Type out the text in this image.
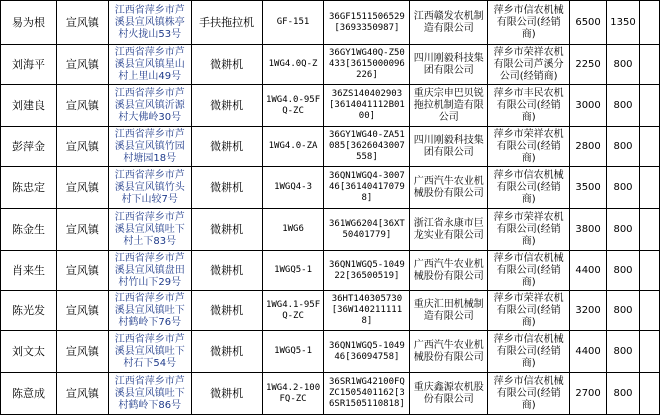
易为根	宣风镇	江西省萍乡市芦溪县宣风镇株亭村火拢山53号	手扶拖拉机	GF-151	36GF1511506529[3693350987]	江西赣发农机制造有限公司	萍乡市信农机械有限公司(经销商)	6500	1350	
刘海平	宣风镇	江西省萍乡市芦溪县宣风镇星山村上里山49号	微耕机	1WG4.0Q-Z	36GY1WG40Q-Z50433[3615000096226]	四川刚毅科技集团有限公司	萍乡市荣祥农机有限公司芦溪分公司(经销商)	2250	800	
刘建良	宣风镇	江西省萍乡市芦溪县宣风镇沂源村大佛岭30号	微耕机	1WG4.0-95FQ-ZC	36ZS140402903[3614041112B0100]	重庆宗申巴贝锐拖拉机制造有限公司	萍乡市丰民农机有限公司(经销商)	3000	800	
彭萍金	宣风镇	江西省萍乡市芦溪县宣风镇竹园村塘园18号	微耕机	1WG4.0-ZA	36GY1WG40-ZA51085[3626043007558]	四川刚毅科技集团有限公司	萍乡市荣祥农机有限公司(经销商)	2800	800	
陈忠定	宣风镇	江西省萍乡市芦溪县宣风镇竹头村下山较7号	微耕机	1WGQ4-3	36QN1WGQ4-300746[361404170798]	广西汽牛农业机械股份有限公司	萍乡市信农机械有限公司(经销商)	3500	800	
陈金生	宣风镇	江西省萍乡市芦溪县宣风镇吐下村土下83号	微耕机	1WG6	361WG6204[36XT50401779]	浙江省永康市巨龙实业有限公司	萍乡市荣祥农机有限公司(经销商)	3800	800	
肖来生	宣风镇	江西省萍乡市芦溪县宣风镇盘田村竹山下29号	微耕机	1WGQ5-1	36QN1WGQ5-104922[36500519]	广西汽牛农业机械股份有限公司	萍乡市信农机械有限公司(经销商)	4400	800	
陈光发	宣风镇	江西省萍乡市芦溪县宣风镇吐下村鹤岭下76号	微耕机	1WG4.1-95FQ-ZC	36HT140305730[36W1402111118]	重庆汇田机械制造有限公司	萍乡市荣祥农机有限公司(经销商)	3200	800	
刘文太	宣风镇	江西省萍乡市芦溪县宣风镇吐下村石下54号	微耕机	1WGQ5-1	36QN1WGQ5-104946[36094758]	广西汽牛农业机械股份有限公司	萍乡市信农机械有限公司(经销商)	4400	800	
陈意成	宣风镇	江西省萍乡市芦溪县宣风镇吐下村鹤岭下86号	微耕机	1WG4.2-100FQ-ZC	36SR1WG42100FQZC1505401162[36SR1505110818]	重庆鑫源农机股份有限公司	萍乡市信农机械有限公司(经销商)	2700	800	
